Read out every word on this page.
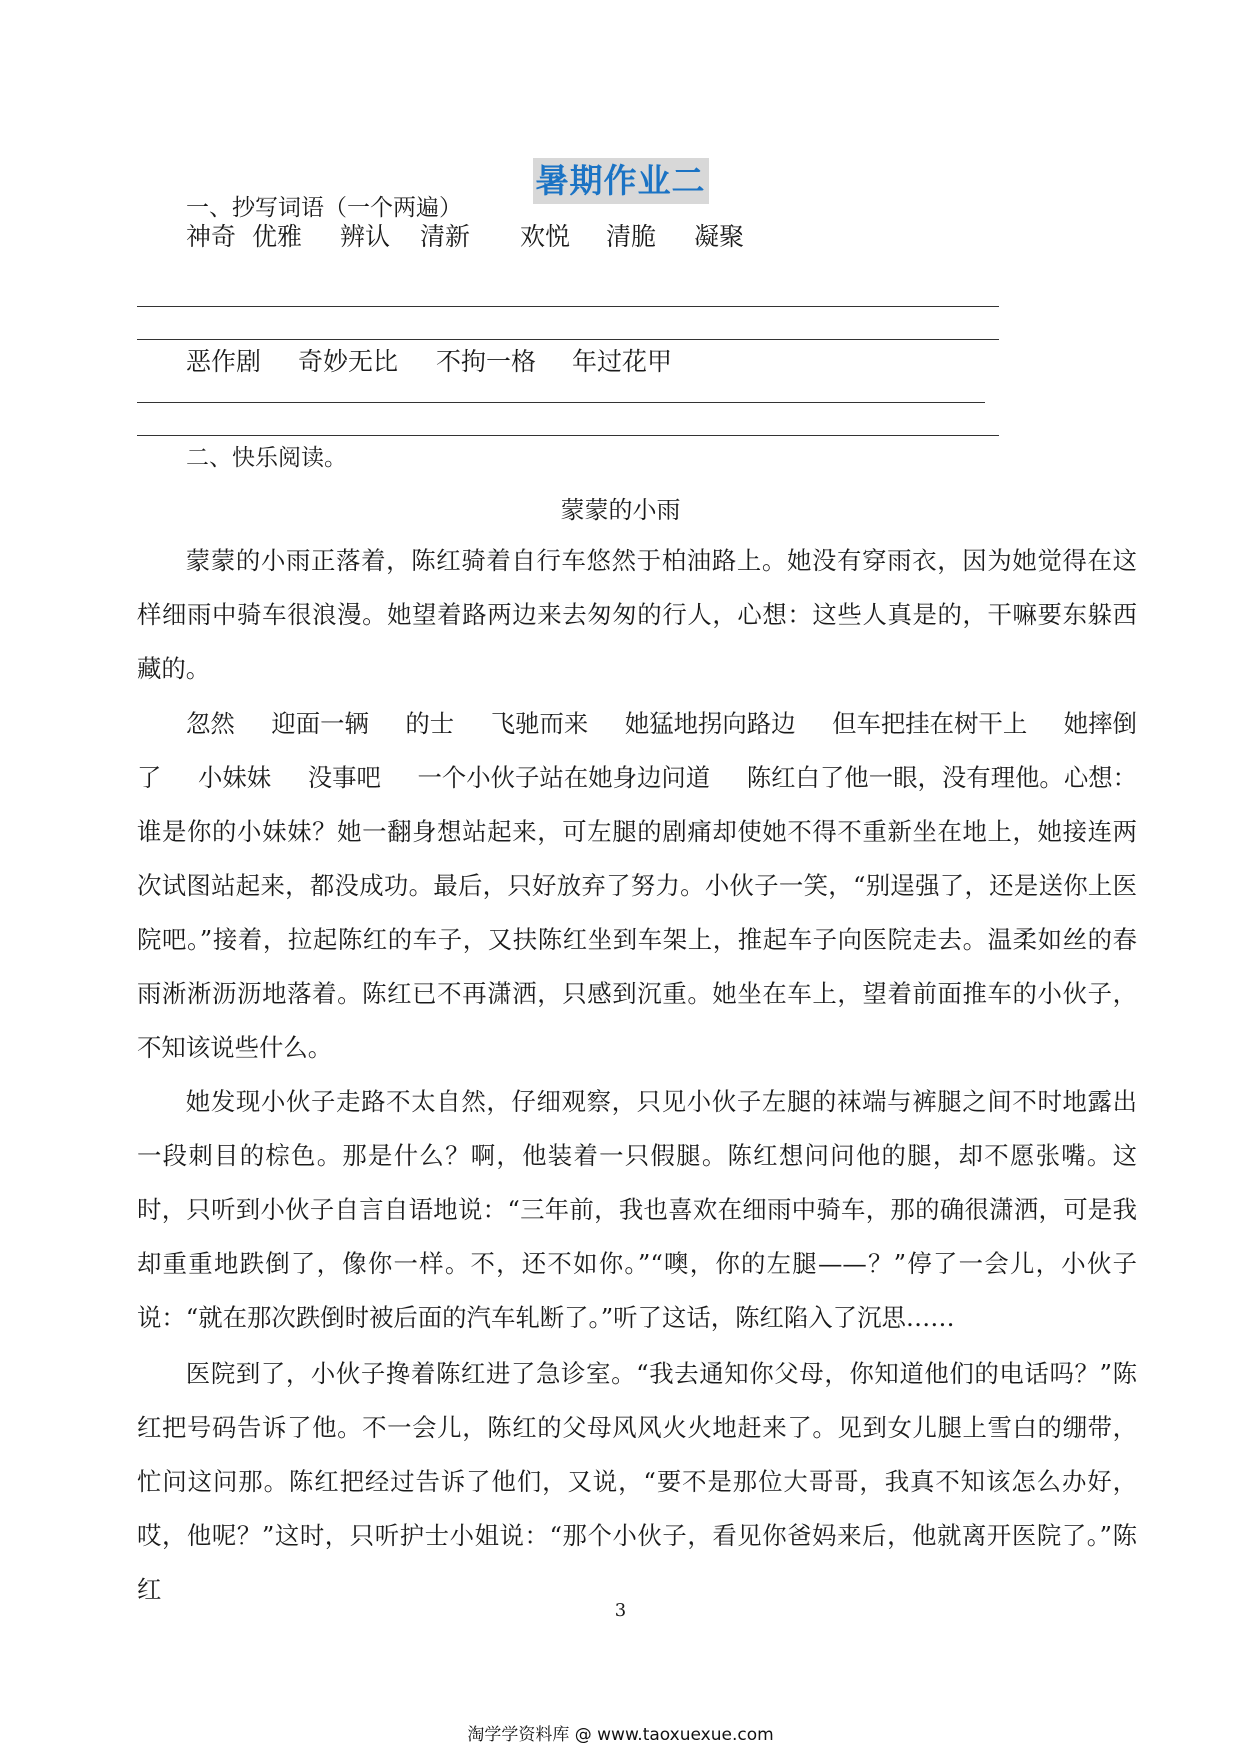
暑期作业二
一、抄写词语（一个两遍）
神奇 优雅	辨认	清新	欢悦	清脆	凝聚
恶作剧	奇妙无比	不拘一格	年过花甲
二、快乐阅读。
蒙蒙的小雨

蒙蒙的小雨正落着，陈红骑着自行车悠然于柏油路上。她没有穿雨衣，因为她觉得在这样细雨中骑车很浪漫。她望着路两边来去匆匆的行人，心想：这些人真是的，干嘛要东躲西藏的。

忽然 迎面一辆 的士 飞驰而来 她猛地拐向路边 但车把挂在树干上 她摔倒
了 小妹妹 没事吧 一个小伙子站在她身边问道 陈红白了他一眼，没有理他。心想：

谁是你的小妹妹？她一翻身想站起来，可左腿的剧痛却使她不得不重新坐在地上，她接连两次试图站起来，都没成功。最后，只好放弃了努力。小伙子一笑，“别逞强了，还是送你上医院吧。”接着，拉起陈红的车子，又扶陈红坐到车架上，推起车子向医院走去。温柔如丝的春雨淅淅沥沥地落着。陈红已不再潇洒，只感到沉重。她坐在车上，望着前面推车的小伙子，不知该说些什么。

她发现小伙子走路不太自然，仔细观察，只见小伙子左腿的袜端与裤腿之间不时地露出一段刺目的棕色。那是什么？啊，他装着一只假腿。陈红想问问他的腿，却不愿张嘴。这时，只听到小伙子自言自语地说：“三年前，我也喜欢在细雨中骑车，那的确很潇洒，可是我却重重地跌倒了，像你一样。不，还不如你。”“噢，你的左腿——？”停了一会儿，小伙子说：“就在那次跌倒时被后面的汽车轧断了。”听了这话，陈红陷入了沉思……

医院到了，小伙子搀着陈红进了急诊室。“我去通知你父母，你知道他们的电话吗？”陈红把号码告诉了他。不一会儿，陈红的父母风风火火地赶来了。见到女儿腿上雪白的绷带，忙问这问那。陈红把经过告诉了他们，又说，“要不是那位大哥哥，我真不知该怎么办好，哎，他呢？”这时，只听护士小姐说：“那个小伙子，看见你爸妈来后，他就离开医院了。”陈红

3
淘学学资料库 @ www.taoxuexue.com
